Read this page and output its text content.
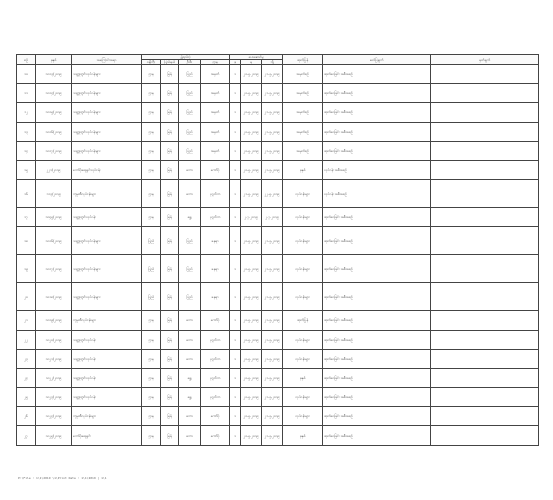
စဉ်	ခုနှစ်	အကြောင်းအရာ	ဖွဲ့စည်းပုံ				ပေးဆောင်မှု			ထုတ်ပြန်	ဖော်ပြချက်	မှတ်ချက်
			ဝန်ကြီး	ပြည်နယ်	ဦးစီး	ဌာန	ခု	မှ	သို့			

၁၀	၁၀၁၃/၂၀၁၉	သတ္တုတွင်းလုပ်ငန်းများ	ဌာန	မြန်	ပြည်	အမှတ်	၁	၂၀.၅.၂၀၁၉	၂၁.၅.၂၀၁၉	အမှတ်စဉ်	ထုတ်ဝေခြင်း အစီအစဉ်	
၁၁	၁၀၁၄/၂၀၁၉	သတ္တုတွင်းလုပ်ငန်းများ	ဌာန	မြန်	ပြည်	အမှတ်	၁	၂၀.၅.၂၀၁၉	၂၁.၅.၂၀၁၉	အမှတ်စဉ်	ထုတ်ဝေခြင်း အစီအစဉ်	
၁၂	၁၀၁၅/၂၀၁၉	သတ္တုတွင်းလုပ်ငန်းများ	ဌာန	မြန်	ပြည်	အမှတ်	၁	၂၀.၅.၂၀၁၉	၂၁.၅.၂၀၁၉	အမှတ်စဉ်	ထုတ်ဝေခြင်း အစီအစဉ်	
၁၃	၁၀၁၆/၂၀၁၉	သတ္တုတွင်းလုပ်ငန်းများ	ဌာန	မြန်	ပြည်	အမှတ်	၁	၂၀.၅.၂၀၁၉	၂၁.၅.၂၀၁၉	အမှတ်စဉ်	ထုတ်ဝေခြင်း အစီအစဉ်	
၁၄	၁၀၁၇/၂၀၁၉	သတ္တုတွင်းလုပ်ငန်းများ	ဌာန	မြန်	ပြည်	အမှတ်	၁	၂၀.၅.၂၀၁၉	၂၁.၅.၂၀၁၉	အမှတ်စဉ်	ထုတ်ဝေခြင်း အစီအစဉ်	
၁၅	၂၂၁/၂၀၁၉	ကော်ပိုရေးရှင်းလုပ်ငန်း	ဌာန	မြန်	ကော	ကော်ပို	၁	၂၀.၅.၂၀၁၉	၂၁.၅.၂၀၁၉	ခုနှစ်	လုပ်ငန်း အစီအစဉ်	
၁၆	၁၁၃/၂၀၁၉	ကုမ္ပဏီလုပ်ငန်းများ	ဌာန	မြန်	ကော	ပုဂ္ဂလိက	၁	၂၁.၅.၂၀၁၉	၂၂.၅.၂၀၁၉	လုပ်ငန်းများ	လုပ်ငန်း အစီအစဉ်	
၁၇	၁၀၄၅/၂၀၁၉	သတ္တုတွင်းလုပ်ငန်း	ဌာန	မြန်	ရွှေ	ပုဂ္ဂလိက	၁	၂.၇.၂၀၁၉	၂.၇.၂၀၁၉	လုပ်ငန်းများ	ထုတ်ဝေခြင်း အစီအစဉ်	
၁၈	၁၀၁၆/၂၀၁၉	သတ္တုတွင်းလုပ်ငန်းများ	ပြည်	မြန်	ပြည်	နေရာ	၁	၂၀.၅.၂၀၁၉	၂၁.၅.၂၀၁၉	လုပ်ငန်းများ	ထုတ်ဝေခြင်း အစီအစဉ်	
၁၉	၁၀၁၇/၂၀၁၉	သတ္တုတွင်းလုပ်ငန်းများ	ပြည်	မြန်	ပြည်	နေရာ	၁	၂၀.၅.၂၀၁၉	၂၁.၅.၂၀၁၉	လုပ်ငန်းများ	ထုတ်ဝေခြင်း အစီအစဉ်	
၂၀	၁၀၁၈/၂၀၁၉	သတ္တုတွင်းလုပ်ငန်းများ	ပြည်	မြန်	ပြည်	နေရာ	၁	၂၀.၅.၂၀၁၉	၂၁.၅.၂၀၁၉	လုပ်ငန်းများ	ထုတ်ဝေခြင်း အစီအစဉ်	
၂၁	၁၀၁၉/၂၀၁၉	ကုမ္ပဏီလုပ်ငန်းများ	ဌာန	မြန်	ကော	ကော်ပို	၁	၂၀.၅.၂၀၁၉	၂၁.၅.၂၀၁၉	ထုတ်ပြန်	ထုတ်ဝေခြင်း အစီအစဉ်	
၂၂	၁၀၂၀/၂၀၁၉	သတ္တုတွင်းလုပ်ငန်း	ဌာန	မြန်	ကော	ပုဂ္ဂလိက	၁	၂၀.၅.၂၀၁၉	၂၁.၅.၂၀၁၉	လုပ်ငန်းများ	ထုတ်ဝေခြင်း အစီအစဉ်	
၂၃	၁၀၂၁/၂၀၁၉	သတ္တုတွင်းလုပ်ငန်း	ဌာန	မြန်	ကော	ပုဂ္ဂလိက	၁	၂၀.၅.၂၀၁၉	၂၁.၅.၂၀၁၉	လုပ်ငန်းများ	ထုတ်ဝေခြင်း အစီအစဉ်	
၂၄	၁၀၂၂/၂၀၁၉	သတ္တုတွင်းလုပ်ငန်း	ဌာန	မြန်	ရွှေ	ပုဂ္ဂလိက	၁	၂၀.၅.၂၀၁၉	၂၁.၅.၂၀၁၉	ခုနှစ်	ထုတ်ဝေခြင်း အစီအစဉ်	
၂၅	၁၀၂၃/၂၀၁၉	သတ္တုတွင်းလုပ်ငန်း	ဌာန	မြန်	ရွှေ	ပုဂ္ဂလိက	၁	၂၀.၅.၂၀၁၉	၂၁.၅.၂၀၁၉	လုပ်ငန်းများ	ထုတ်ဝေခြင်း အစီအစဉ်	
၂၆	၁၀၂၄/၂၀၁၉	ကုမ္ပဏီလုပ်ငန်းများ	ဌာန	မြန်	ကော	ကော်ပို	၁	၂၀.၅.၂၀၁၉	၂၁.၅.၂၀၁၉	လုပ်ငန်းများ	ထုတ်ဝေခြင်း အစီအစဉ်	
၂၇	၁၀၂၅/၂၀၁၉	ကော်ပိုရေးရှင်း	ဌာန	မြန်	ကော	ကော်ပို	၁	၂၀.၅.၂၀၁၉	၂၁.၅.၂၀၁၉	ခုနှစ်	ထုတ်ဝေခြင်း အစီအစဉ်	
P:\File : 1\1\2019 \1\Print Date : 1\1\2019 | 1\1
